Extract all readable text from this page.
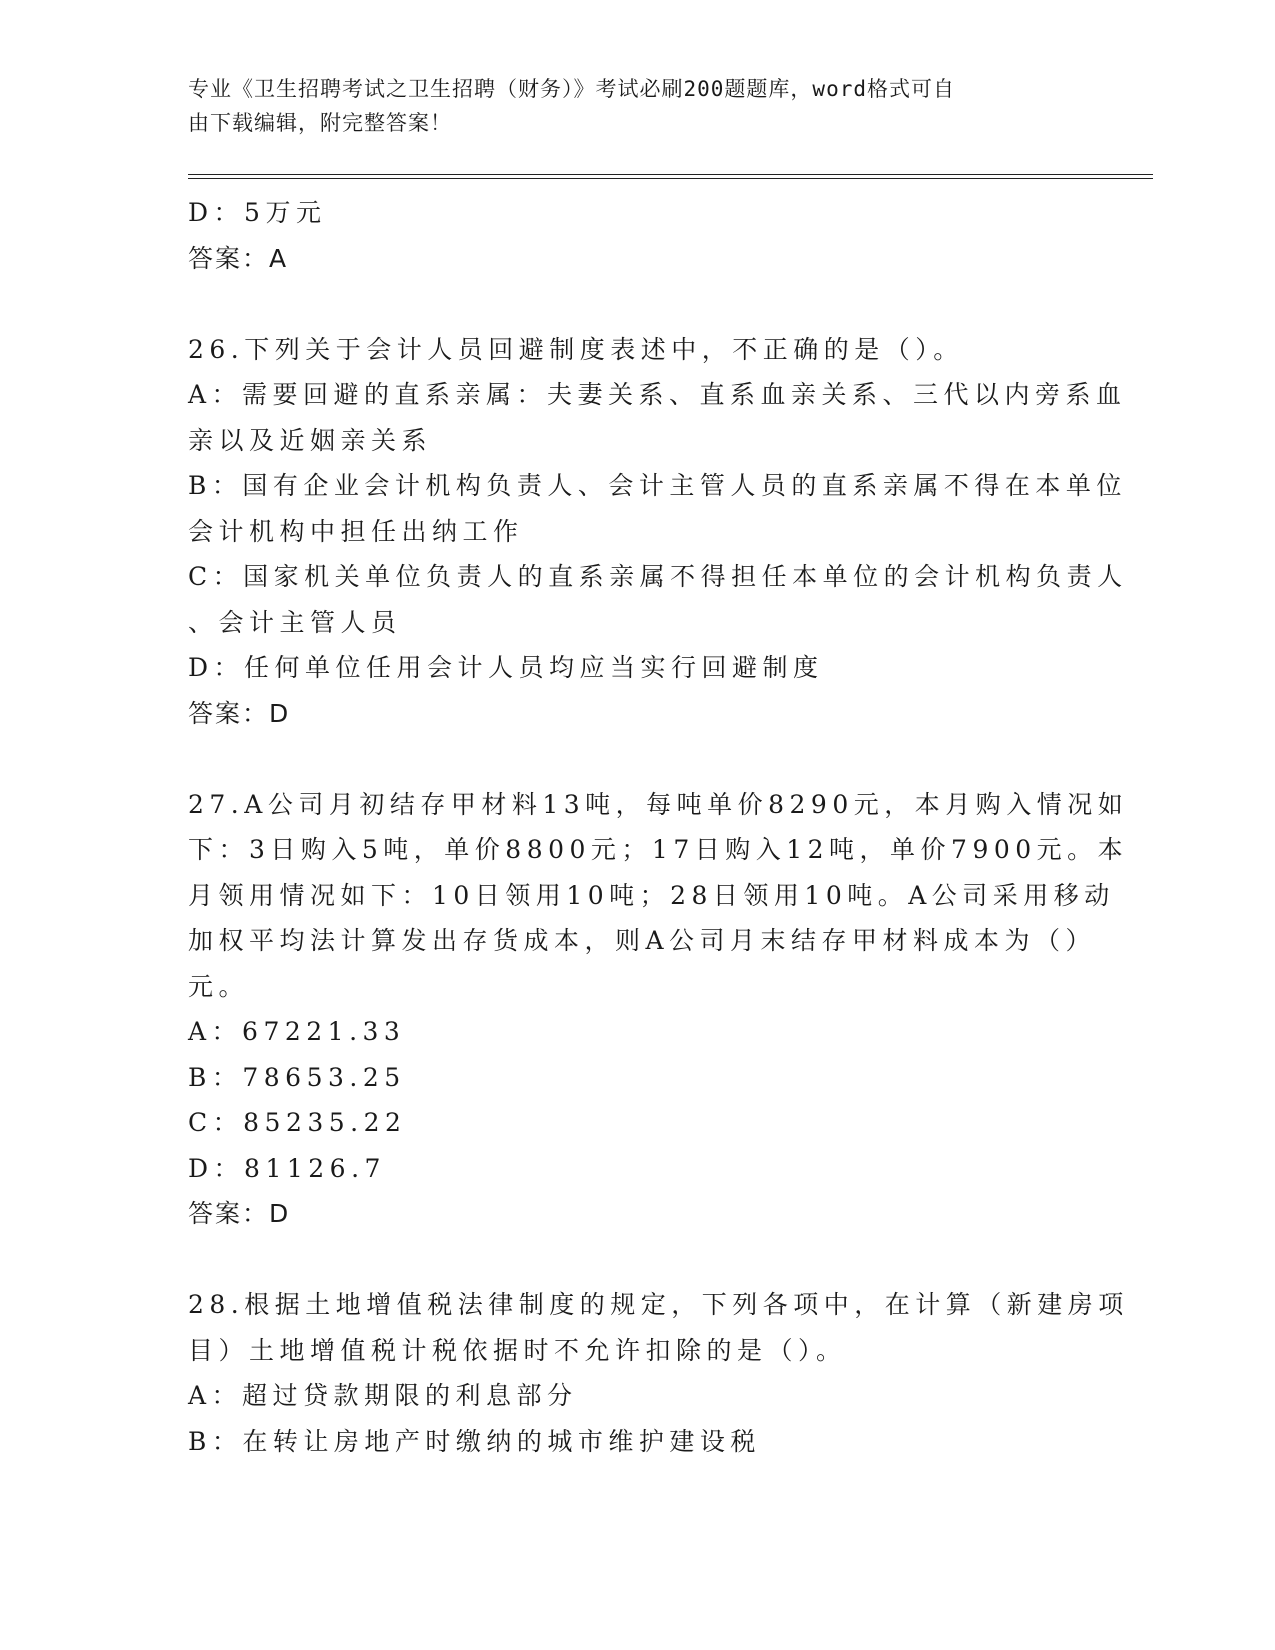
专业《卫生招聘考试之卫生招聘（财务）》考试必刷200题题库，word格式可自
由下载编辑，附完整答案！
D：5万元
答案：A
26.下列关于会计人员回避制度表述中，不正确的是（）。
A：需要回避的直系亲属：夫妻关系、直系血亲关系、三代以内旁系血
亲以及近姻亲关系
B：国有企业会计机构负责人、会计主管人员的直系亲属不得在本单位
会计机构中担任出纳工作
C：国家机关单位负责人的直系亲属不得担任本单位的会计机构负责人
、会计主管人员
D：任何单位任用会计人员均应当实行回避制度
答案：D
27.A公司月初结存甲材料13吨，每吨单价8290元，本月购入情况如
下：3日购入5吨，单价8800元；17日购入12吨，单价7900元。本
月领用情况如下：10日领用10吨；28日领用10吨。A公司采用移动
加权平均法计算发出存货成本，则A公司月末结存甲材料成本为（）
元。
A：67221.33
B：78653.25
C：85235.22
D：81126.7
答案：D
28.根据土地增值税法律制度的规定，下列各项中，在计算（新建房项
目）土地增值税计税依据时不允许扣除的是（）。
A：超过贷款期限的利息部分
B：在转让房地产时缴纳的城市维护建设税
